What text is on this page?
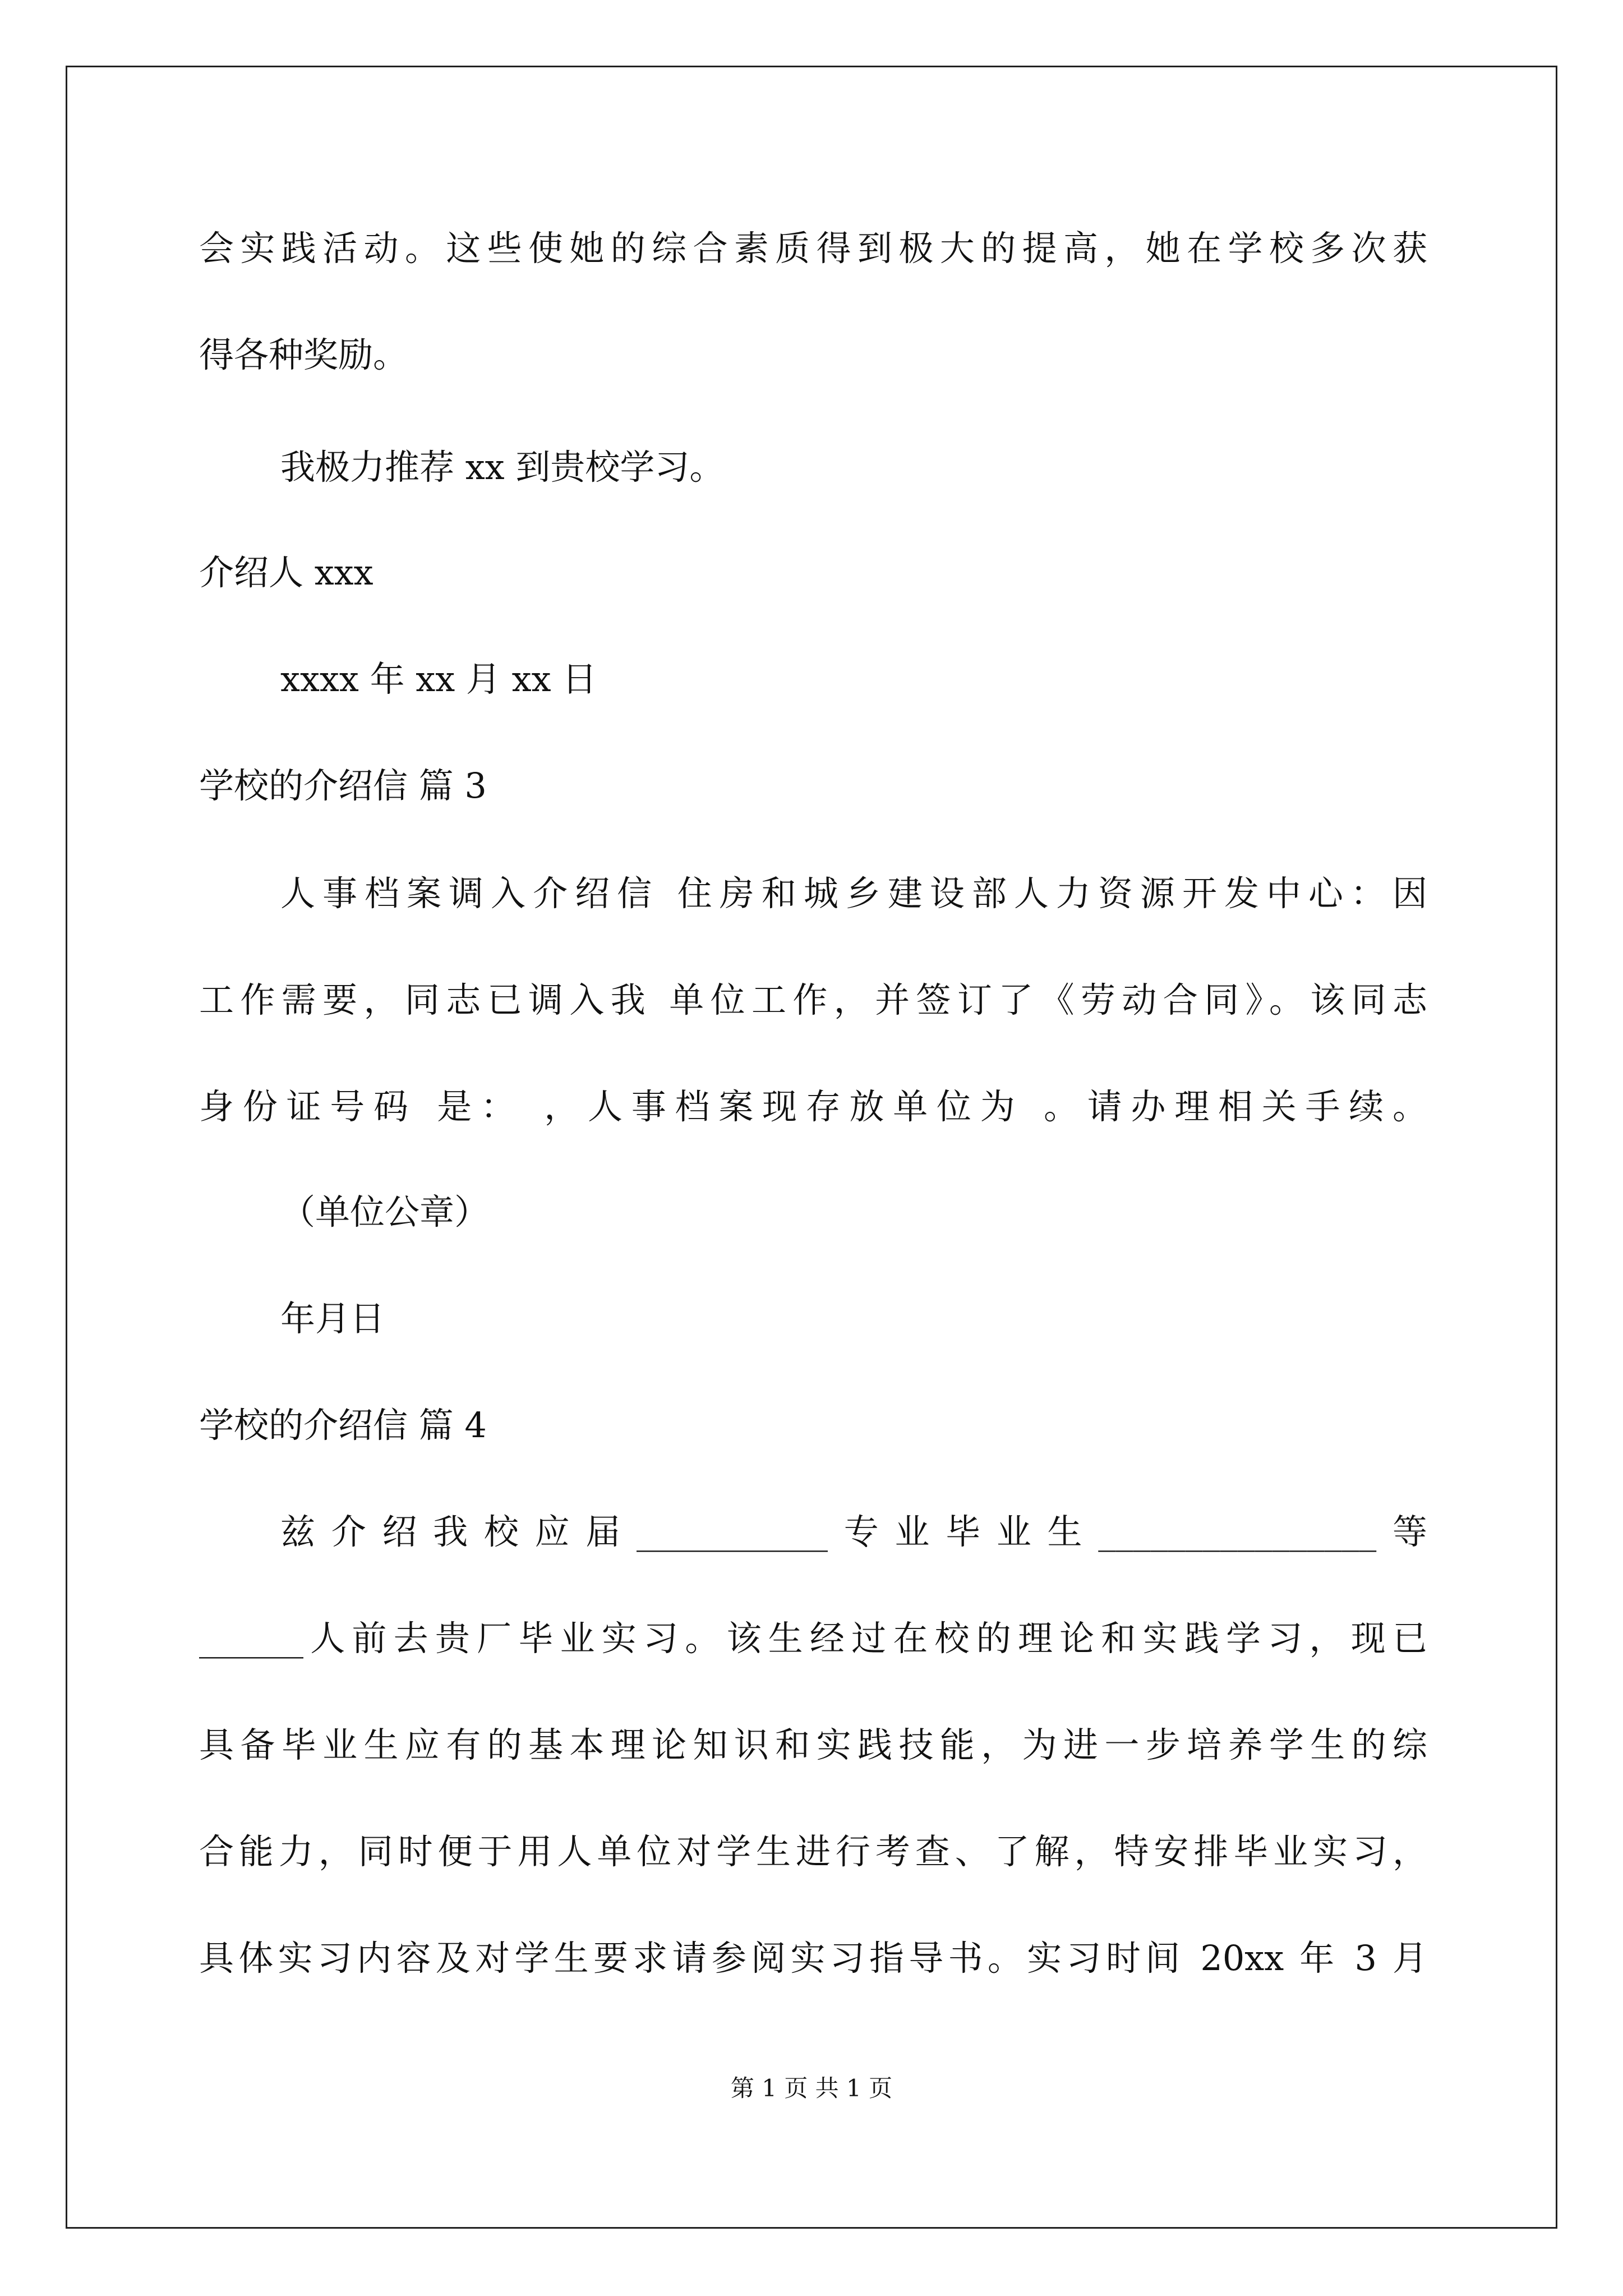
会实践活动。这些使她的综合素质得到极大的提高，她在学校多次获
得各种奖励。
我极力推荐 xx 到贵校学习。
介绍人 xxx
xxxx 年 xx 月 xx 日
学校的介绍信 篇 3
人事档案调入介绍信 住房和城乡建设部人力资源开发中心：因
工作需要，同志已调入我 单位工作，并签订了《劳动合同》。该同志
身份证号码 是： ，人事档案现存放单位为 。请办理相关手续。
（单位公章）
年月日
学校的介绍信 篇 4
兹介绍我校应届___________专业毕业生________________等
______人前去贵厂毕业实习。该生经过在校的理论和实践学习，现已
具备毕业生应有的基本理论知识和实践技能，为进一步培养学生的综
合能力，同时便于用人单位对学生进行考查、了解，特安排毕业实习，
具体实习内容及对学生要求请参阅实习指导书。实习时间 20xx 年 3 月
第 1 页 共 1 页
